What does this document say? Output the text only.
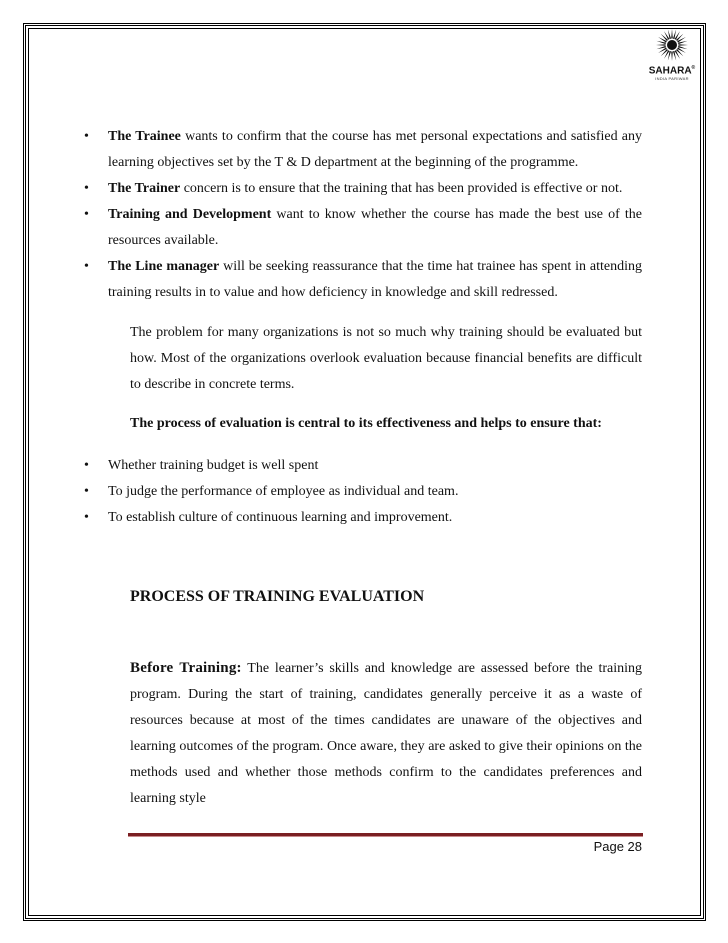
SAHARA®
INDIA PARIWAR
• The Trainee wants to confirm that the course has met personal expectations and satisfied any learning objectives set by the T & D department at the beginning of the programme.
• The Trainer concern is to ensure that the training that has been provided is effective or not.
• Training and Development want to know whether the course has made the best use of the resources available.
• The Line manager will be seeking reassurance that the time hat trainee has spent in attending training results in to value and how deficiency in knowledge and skill redressed.

The problem for many organizations is not so much why training should be evaluated but how. Most of the organizations overlook evaluation because financial benefits are difficult to describe in concrete terms.

The process of evaluation is central to its effectiveness and helps to ensure that:

• Whether training budget is well spent
• To judge the performance of employee as individual and team.
• To establish culture of continuous learning and improvement.
PROCESS OF TRAINING EVALUATION

Before Training: The learner’s skills and knowledge are assessed before the training program. During the start of training, candidates generally perceive it as a waste of resources because at most of the times candidates are unaware of the objectives and learning outcomes of the program. Once aware, they are asked to give their opinions on the methods used and whether those methods confirm to the candidates preferences and learning style

Page 28
